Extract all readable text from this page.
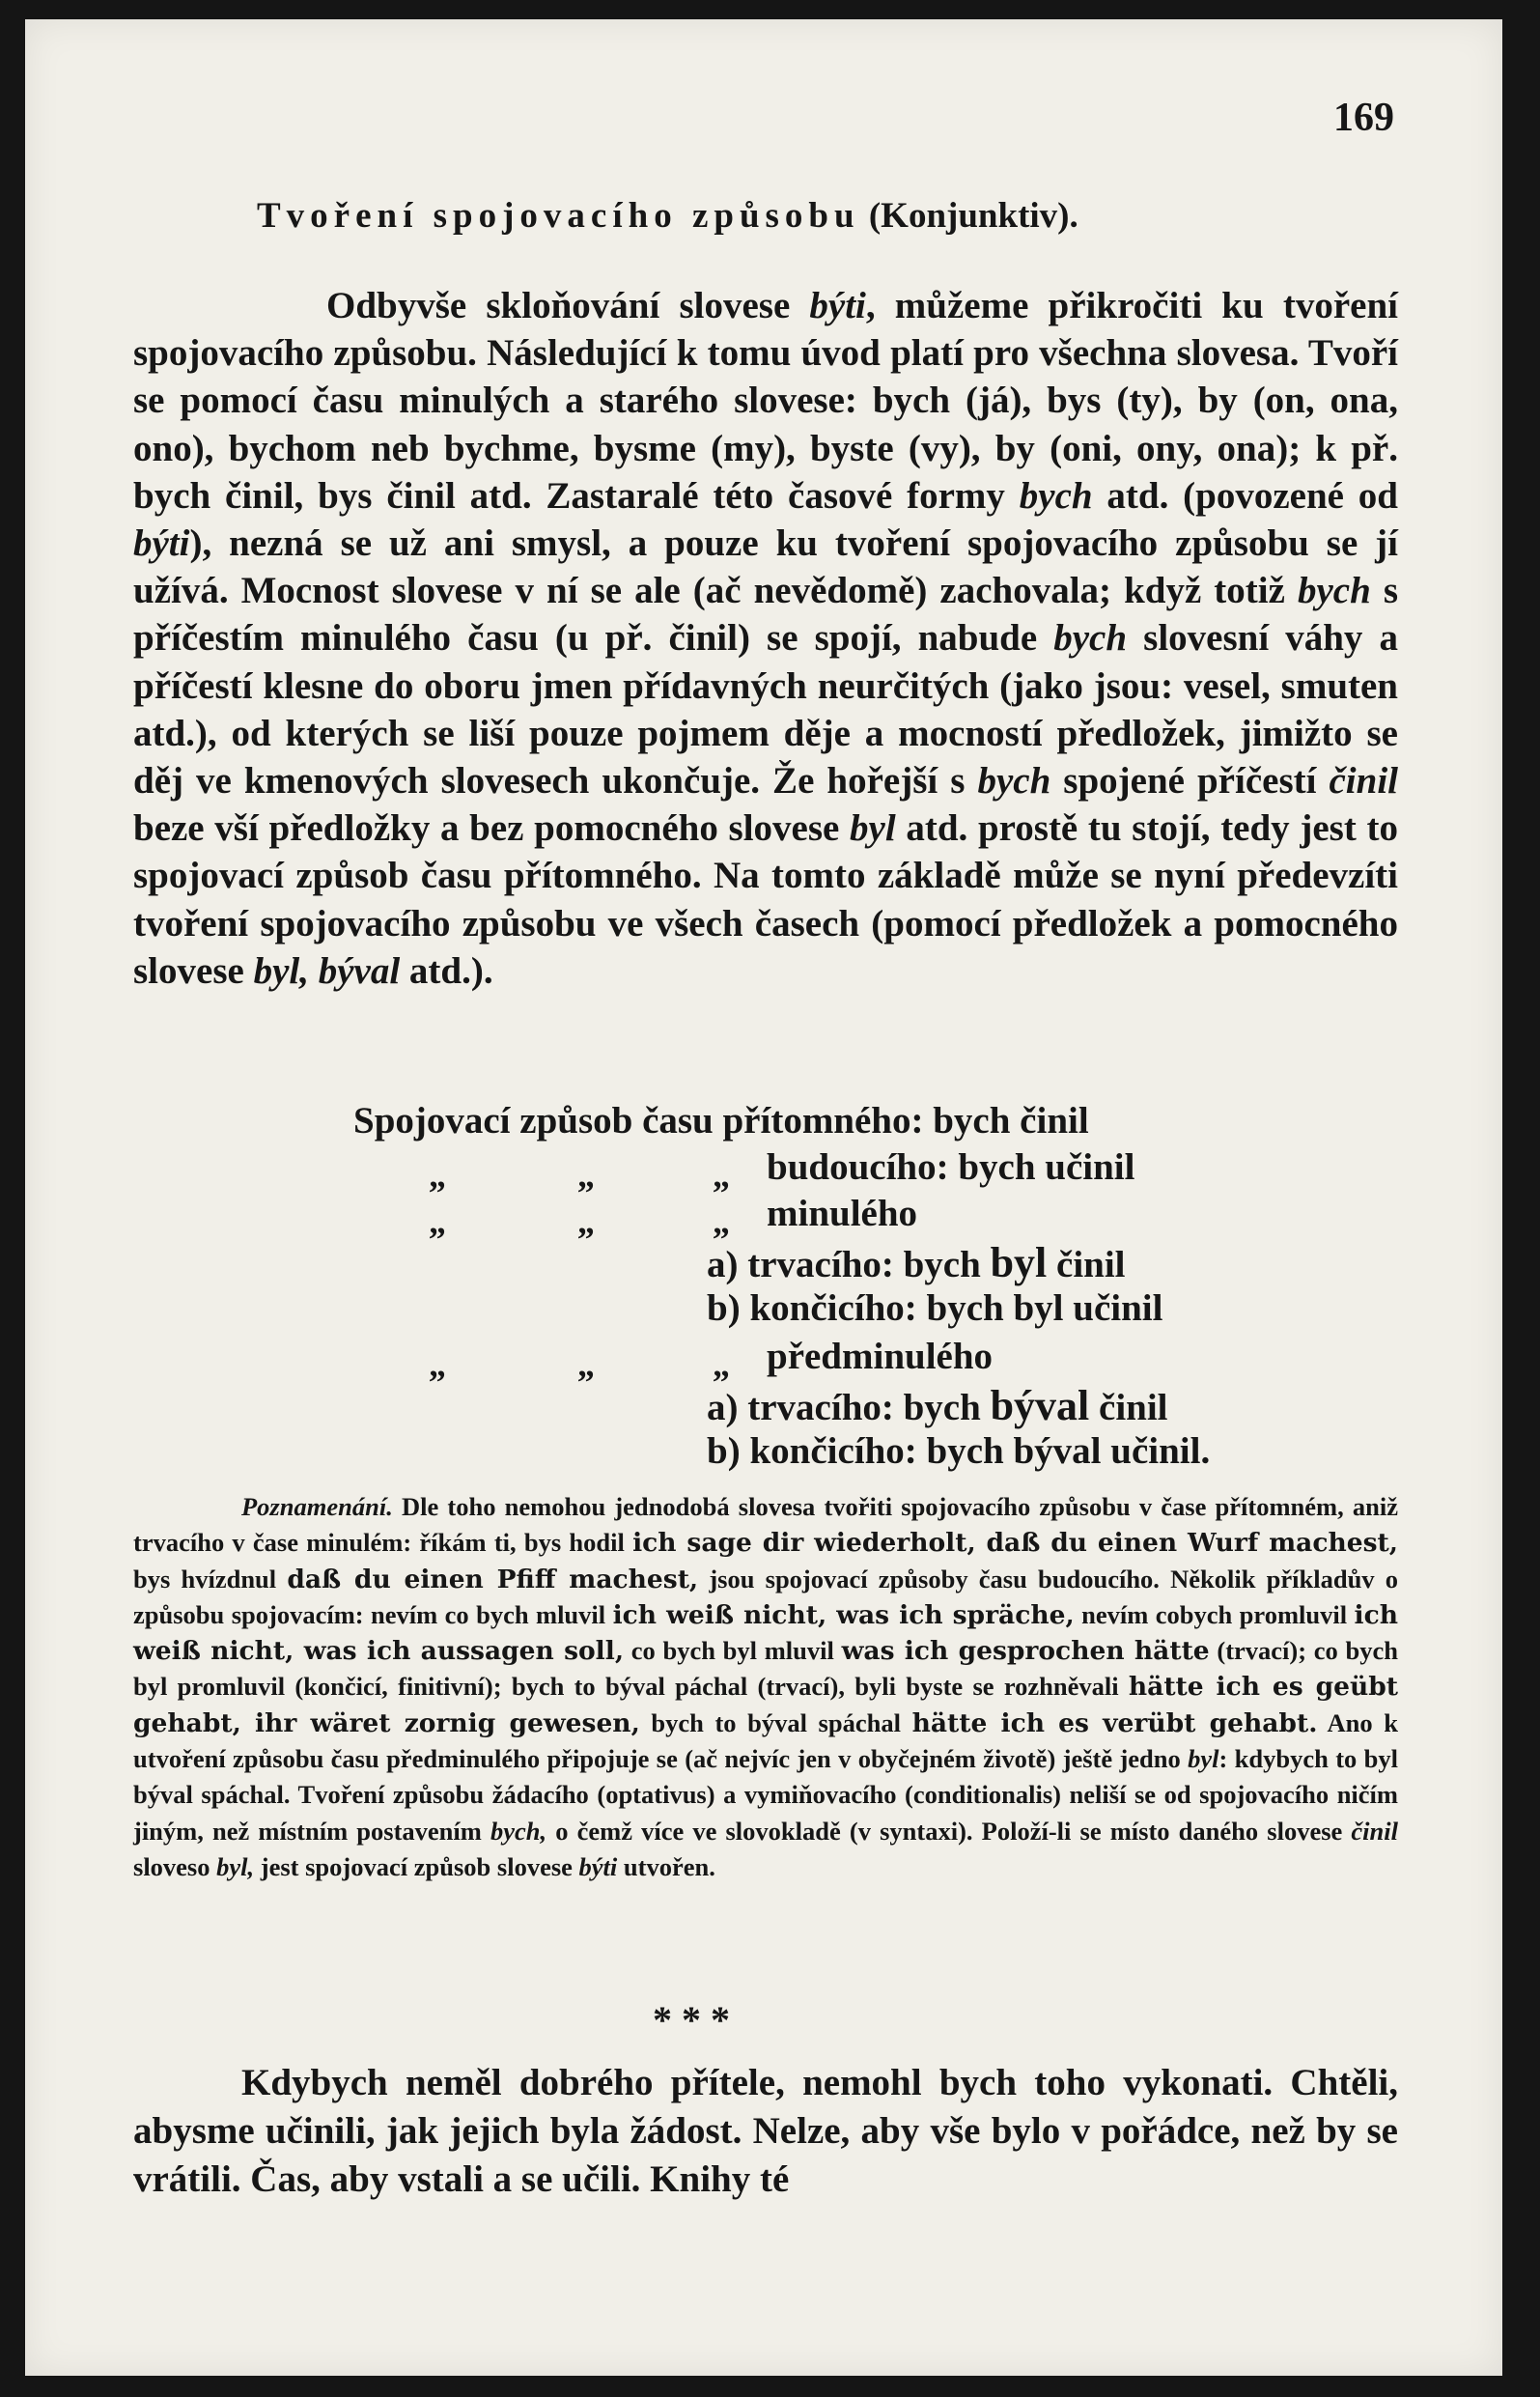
169
Tvoření spojovacího způsobu (Konjunktiv).
Odbyvše skloňování slovese býti, můžeme přikročiti ku tvoření spojovacího způsobu. Následující k tomu úvod platí pro všechna slovesa. Tvoří se pomocí času minulých a starého slovese: bych (já), bys (ty), by (on, ona, ono), bychom neb bychme, bysme (my), byste (vy), by (oni, ony, ona); k př. bych činil, bys činil atd. Zastaralé této časové formy bych atd. (povozené od býti), nezná se už ani smysl, a pouze ku tvoření spojovacího způsobu se jí užívá. Mocnost slovese v ní se ale (ač nevědomě) zachovala; když totiž bych s příčestím minulého času (u př. činil) se spojí, nabude bych slovesní váhy a příčestí klesne do oboru jmen přídavných neurčitých (jako jsou: vesel, smuten atd.), od kterých se liší pouze pojmem děje a mocností předložek, jimižto se děj ve kmenových slovesech ukončuje. Že hořejší s bych spojené příčestí činil beze vší předložky a bez pomocného slovese byl atd. prostě tu stojí, tedy jest to spojovací způsob času přítomného. Na tomto základě může se nyní předevzíti tvoření spojovacího způsobu ve všech časech (pomocí předložek a pomocného slovese byl, býval atd.).
Spojovací způsob času přítomného: bych činil
„	„	„ budoucího: bych učinil
„	„	„ minulého
a) trvacího: bych byl činil
b) končicího: bych byl učinil
„	„	„ předminulého
a) trvacího: bych býval činil
b) končicího: bych býval učinil.
Poznamenání. Dle toho nemohou jednodobá slovesa tvořiti spojovacího způsobu v čase přítomném, aniž trvacího v čase minulém: říkám ti, bys hodil ich sage dir wiederholt, daß du einen Wurf machest, bys hvízdnul daß du einen Pfiff machest, jsou spojovací způsoby času budoucího. Několik příkladův o způsobu spojovacím: nevím co bych mluvil ich weiß nicht, was ich spräche, nevím cobych promluvil ich weiß nicht, was ich aussagen soll, co bych byl mluvil was ich gesprochen hätte (trvací); co bych byl promluvil (končicí, finitivní); bych to býval páchal (trvací), byli byste se rozhněvali hätte ich es geübt gehabt, ihr wäret zornig gewesen, bych to býval spáchal hätte ich es verübt gehabt. Ano k utvoření způsobu času předminulého připojuje se (ač nejvíc jen v obyčejném životě) ještě jedno byl: kdybych to byl býval spáchal. Tvoření způsobu žádacího (optativus) a vymiňovacího (conditionalis) neliší se od spojovacího ničím jiným, než místním postavením bych, o čemž více ve slovokladě (v syntaxi). Položí-li se místo daného slovese činil sloveso byl, jest spojovací způsob slovese býti utvořen.
* * *
Kdybych neměl dobrého přítele, nemohl bych toho vykonati. Chtěli, abysme učinili, jak jejich byla žádost. Nelze, aby vše bylo v pořádce, než by se vrátili. Čas, aby vstali a se učili. Knihy té
